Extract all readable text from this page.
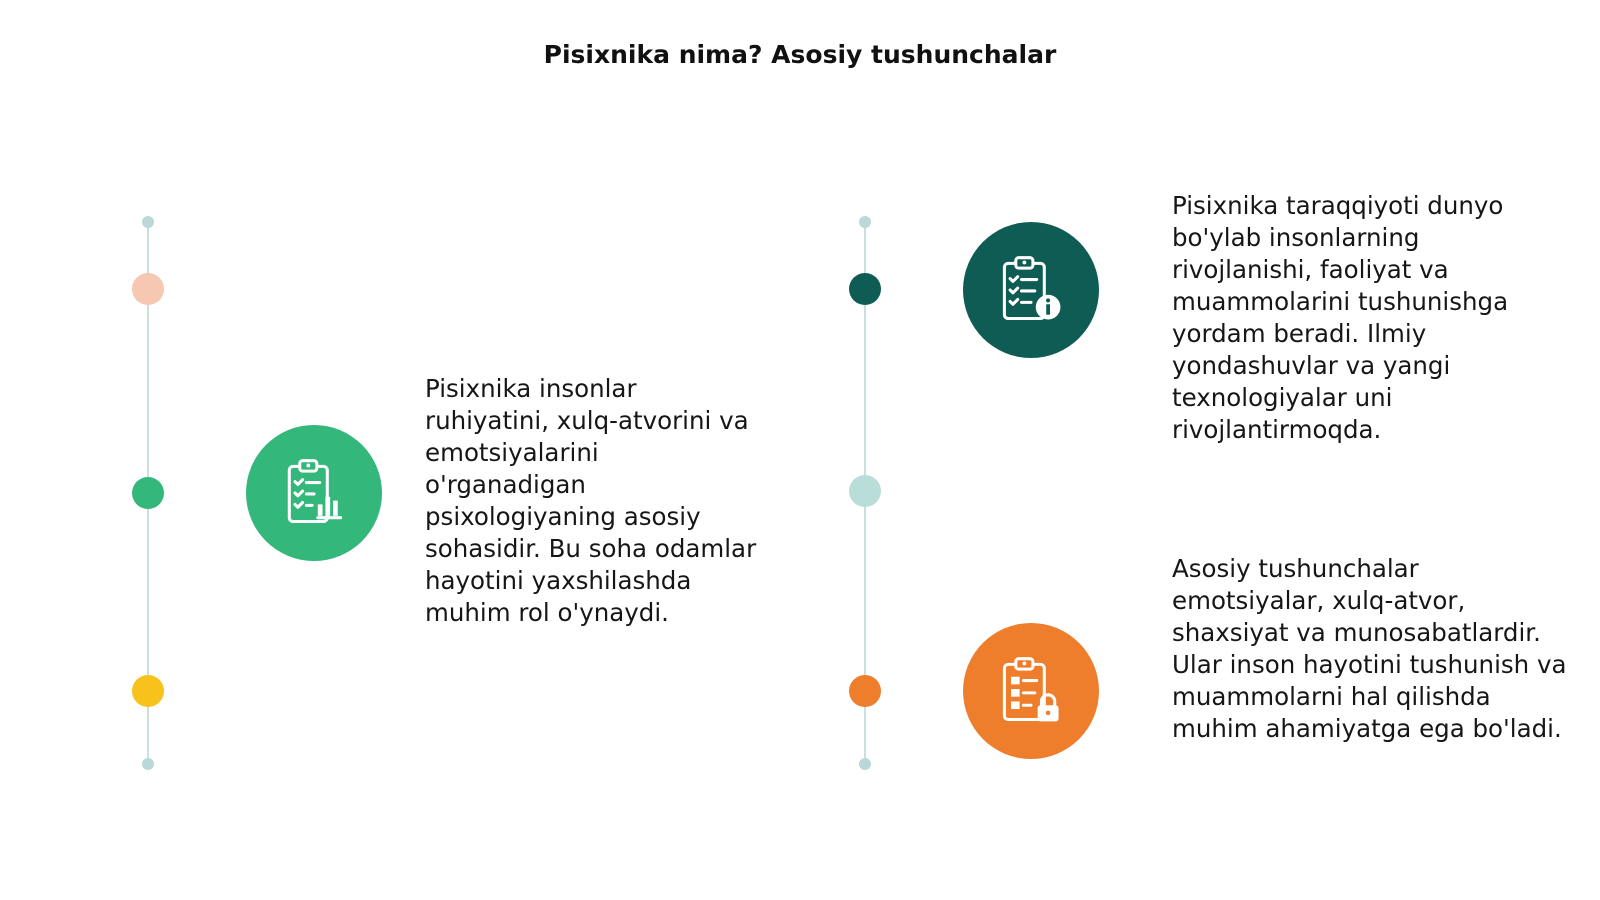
Pisixnika nima? Asosiy tushunchalar
Pisixnika insonlar ruhiyatini, xulq-atvorini va emotsiyalarini o'rganadigan psixologiyaning asosiy sohasidir. Bu soha odamlar hayotini yaxshilashda muhim rol o'ynaydi.
Pisixnika taraqqiyoti dunyo bo'ylab insonlarning rivojlanishi, faoliyat va muammolarini tushunishga yordam beradi. Ilmiy yondashuvlar va yangi texnologiyalar uni rivojlantirmoqda.
Asosiy tushunchalar emotsiyalar, xulq-atvor, shaxsiyat va munosabatlardir. Ular inson hayotini tushunish va muammolarni hal qilishda muhim ahamiyatga ega bo'ladi.
